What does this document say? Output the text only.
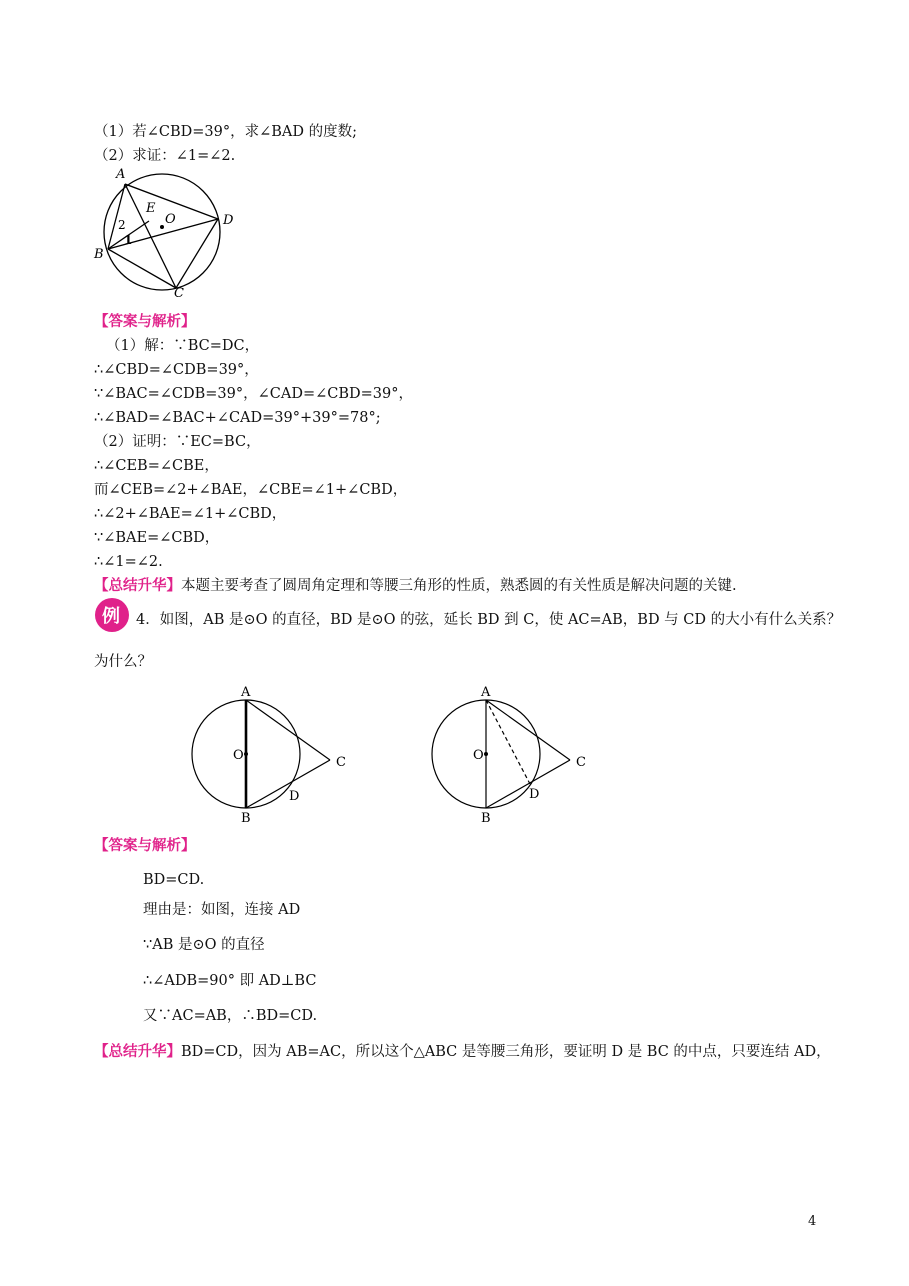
（1）若∠CBD=39°，求∠BAD 的度数;
（2）求证：∠1=∠2.
A
B
C
D
E
O
2
1
【答案与解析】
（1）解：∵BC=DC，
∴∠CBD=∠CDB=39°，
∵∠BAC=∠CDB=39°，∠CAD=∠CBD=39°，
∴∠BAD=∠BAC+∠CAD=39°+39°=78°;
（2）证明：∵EC=BC，
∴∠CEB=∠CBE，
而∠CEB=∠2+∠BAE，∠CBE=∠1+∠CBD，
∴∠2+∠BAE=∠1+∠CBD，
∵∠BAE=∠CBD，
∴∠1=∠2.
【总结升华】本题主要考查了圆周角定理和等腰三角形的性质，熟悉圆的有关性质是解决问题的关键.
例 4．如图，AB 是⊙O 的直径，BD 是⊙O 的弦，延长 BD 到 C，使 AC=AB，BD 与 CD 的大小有什么关系？
为什么？
A
O	C
D
B
A
O	C
D
B
【答案与解析】
BD=CD.
理由是：如图，连接 AD
∵AB 是⊙O 的直径
∴∠ADB=90° 即 AD⊥BC
又∵AC=AB，∴BD=CD.
【总结升华】BD=CD，因为 AB=AC，所以这个△ABC 是等腰三角形，要证明 D 是 BC 的中点，只要连结 AD，
4
